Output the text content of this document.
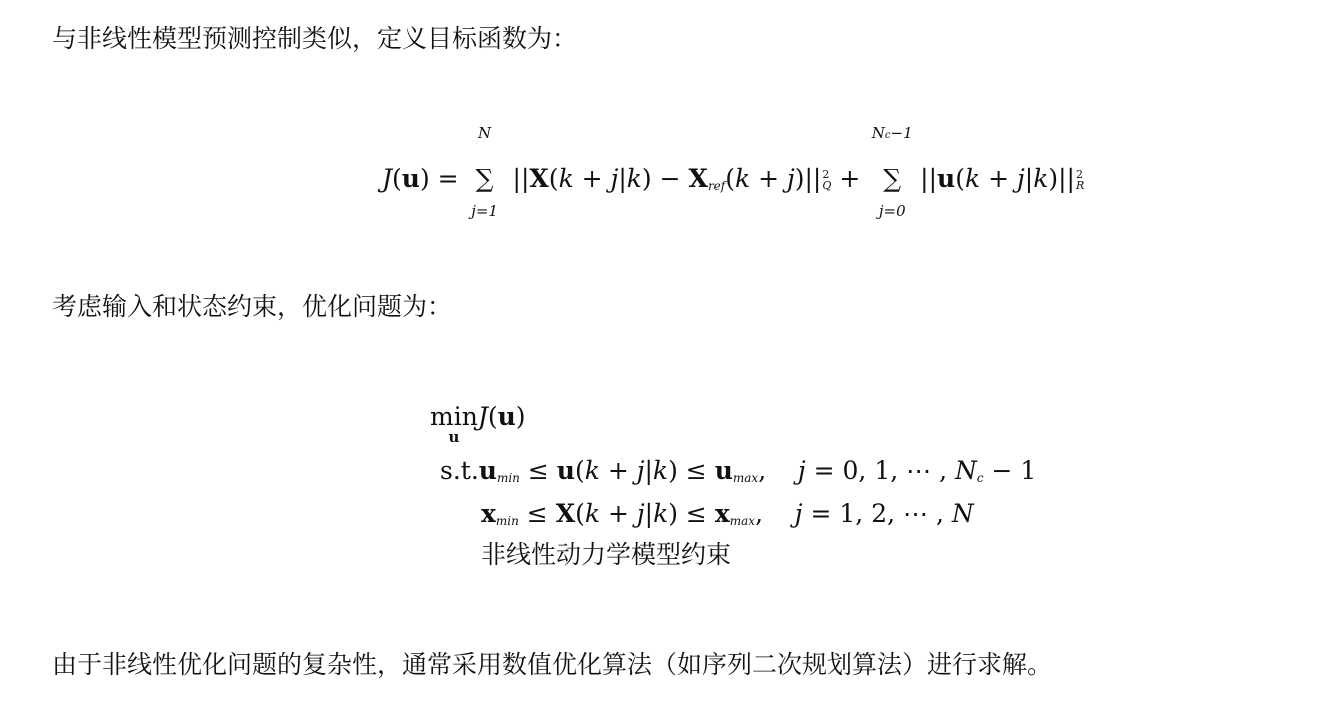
与非线性模型预测控制类似，定义目标函数为：
J(u) = ∑
N
j=1
$||X(k + j|k) - X_{ref}(k + j)||$ 2
Q + ∑
Nc−1
j=0
||u(k + j|k)|| 2
R
考虑输入和状态约束，优化问题为：
min
u
J(u)
$s.t.u_{min} \le u(k + j|k) \le u_{max}$,    j = 0, 1, ⋯ , $N_c - 1$
$x_{min} \le X(k + j|k) \le x_{max}$,    j = 1, 2, ⋯ , N
非线性动力学模型约束
由于非线性优化问题的复杂性，通常采用数值优化算法（如序列二次规划算法）进行求解。
